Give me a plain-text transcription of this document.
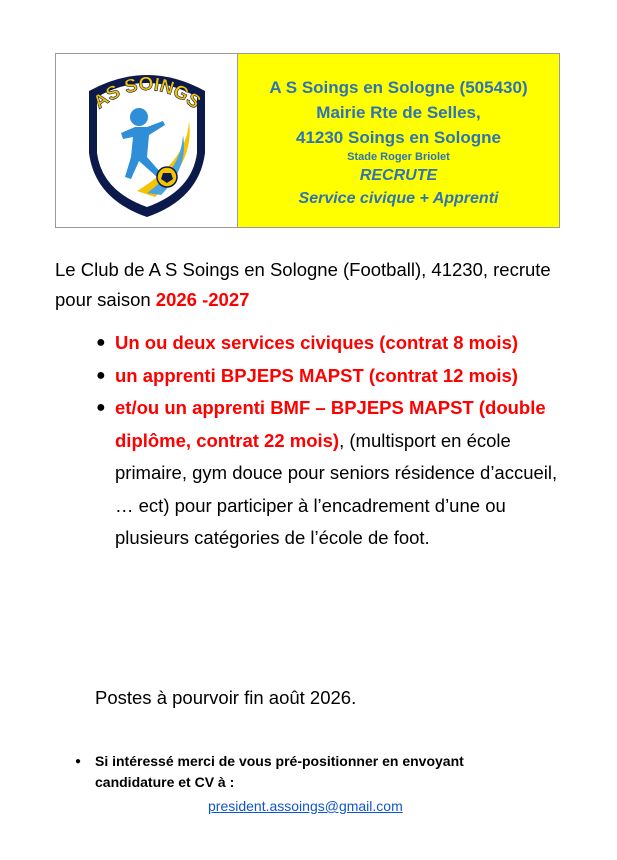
AS SOINGS
A S Soings en Sologne (505430)
Mairie Rte de Selles,
41230 Soings en Sologne
Stade Roger Briolet
RECRUTE
Service civique + Apprenti
Le Club de A S Soings en Sologne (Football), 41230, recrute pour saison 2026 -2027
● Un ou deux services civiques (contrat 8 mois)
● un apprenti BPJEPS MAPST (contrat 12 mois)
● et/ou un apprenti BMF – BPJEPS MAPST (double diplôme, contrat 22 mois), (multisport en école primaire, gym douce pour seniors résidence d’accueil, … ect) pour participer à l’encadrement d’une ou plusieurs catégories de l’école de foot.
Postes à pourvoir fin août 2026.
● Si intéressé merci de vous pré-positionner en envoyant candidature et CV à :
president.assoings@gmail.com
